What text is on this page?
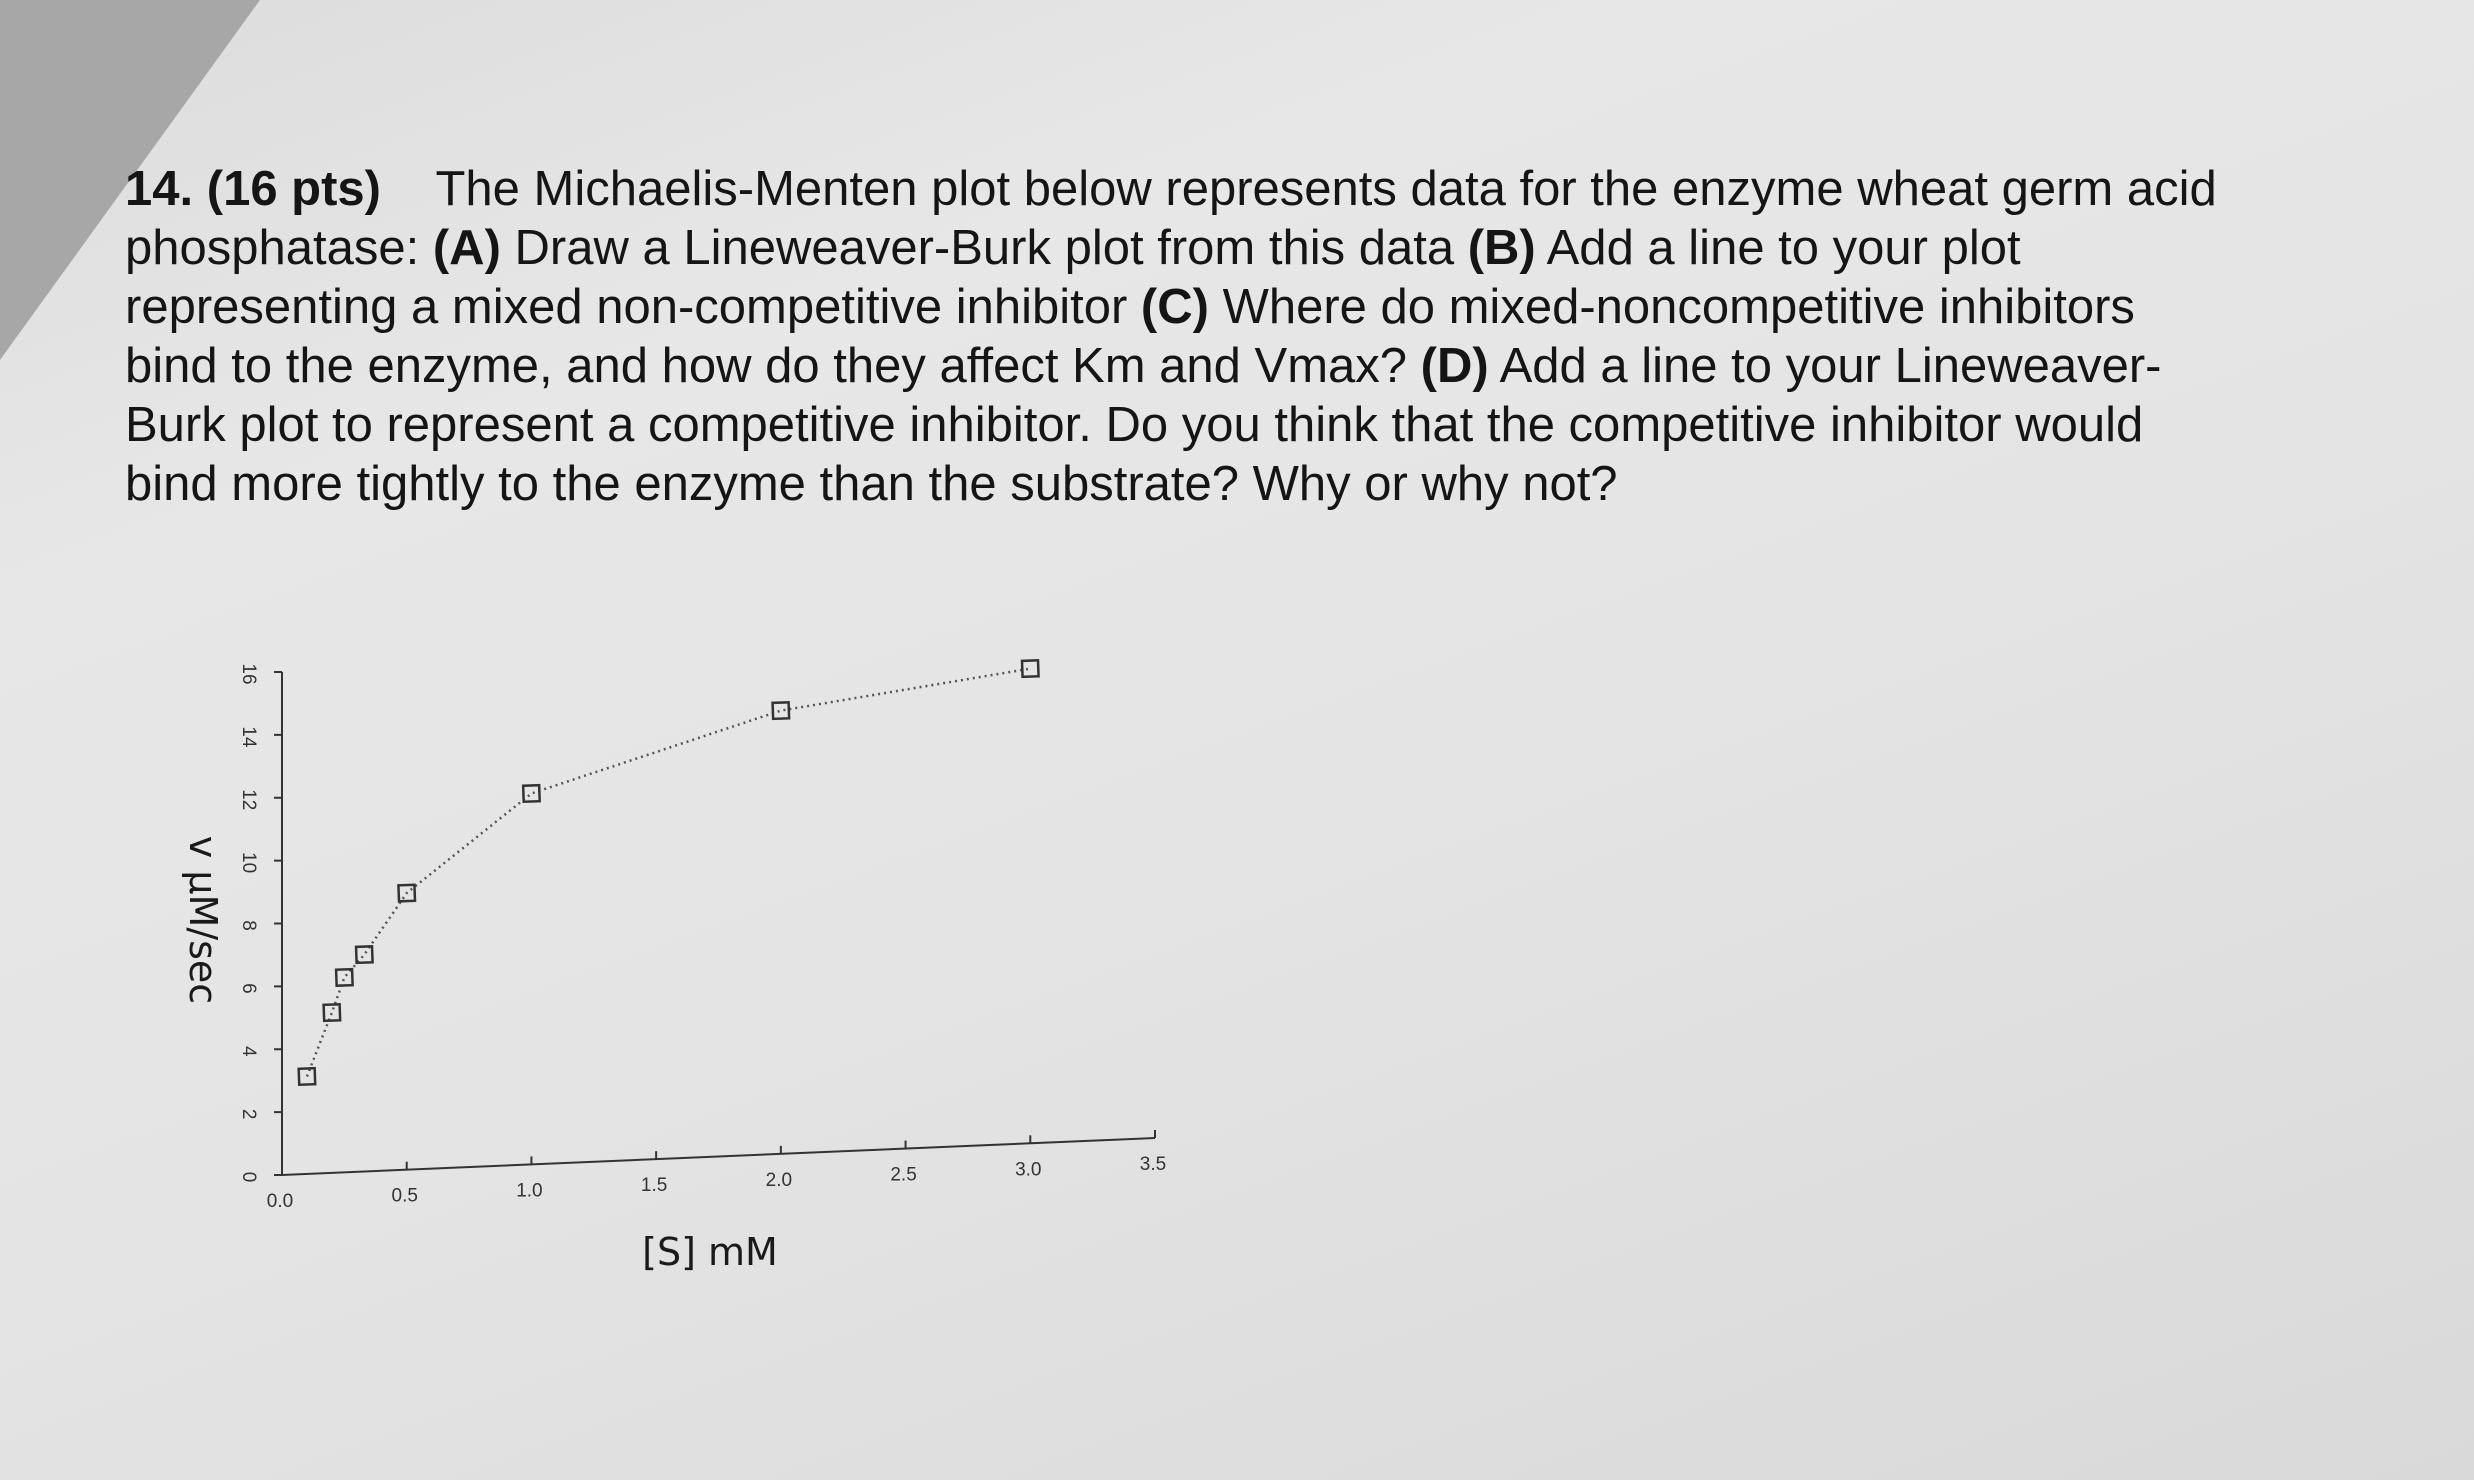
14. (16 pts) The Michaelis-Menten plot below represents data for the enzyme wheat germ acid

phosphatase: (A) Draw a Lineweaver-Burk plot from this data (B) Add a line to your plot

representing a mixed non-competitive inhibitor (C) Where do mixed-noncompetitive inhibitors

bind to the enzyme, and how do they affect Km and Vmax? (D) Add a line to your Lineweaver-

Burk plot to represent a competitive inhibitor. Do you think that the competitive inhibitor would

bind more tightly to the enzyme than the substrate? Why or why not?

0.0	0.5	1.0	1.5	2.0	2.5	3.0	3.5
0
2
4
6
8
10
12
14
16
[S] mM
v μM/sec
